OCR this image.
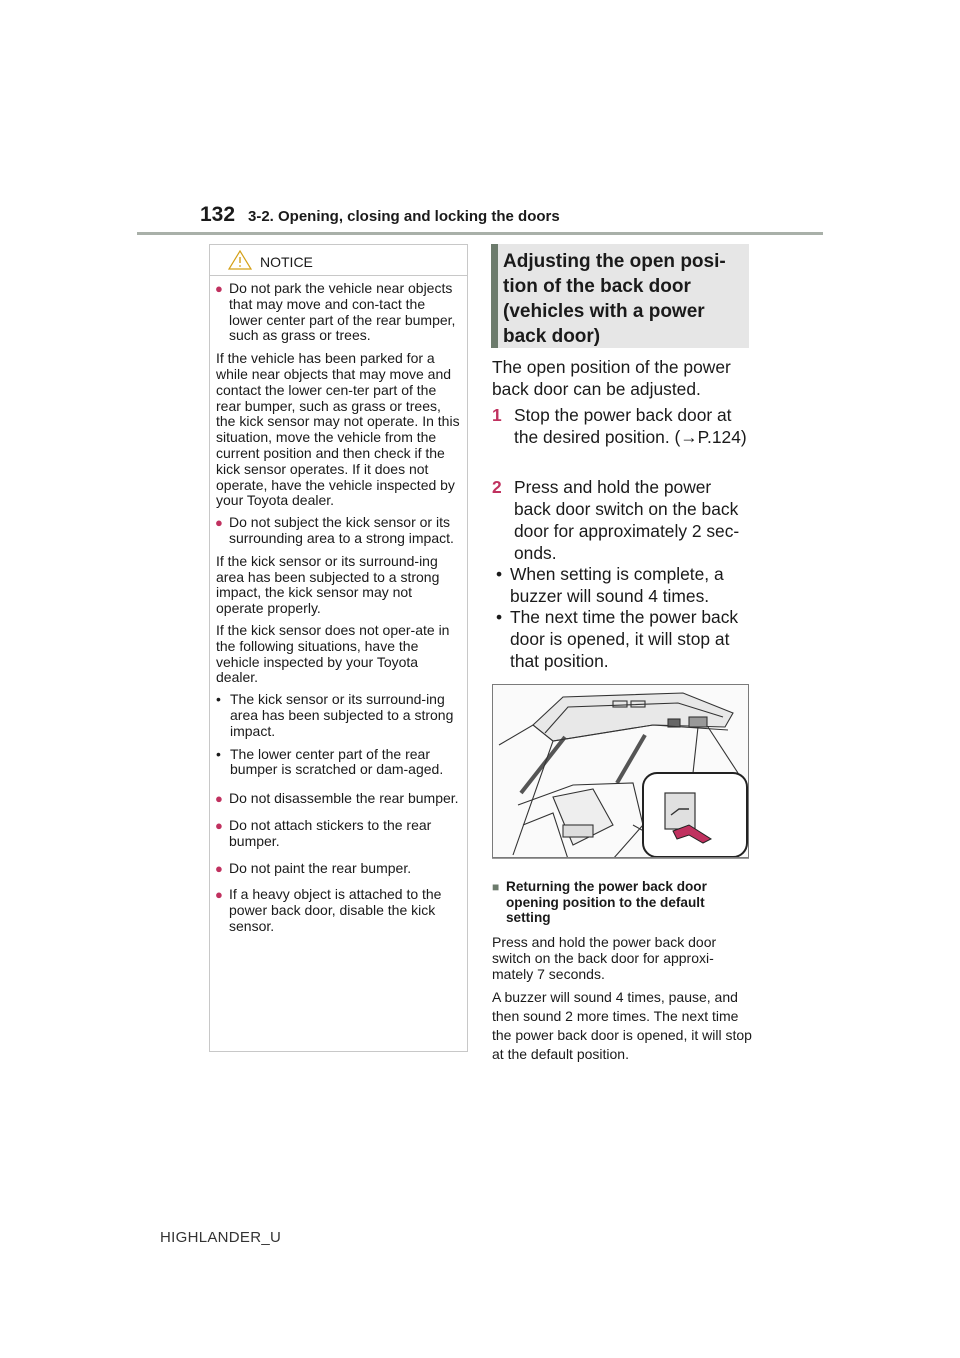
132 3-2. Opening, closing and locking the doors
NOTICE
● Do not park the vehicle near objects that may move and con-tact the lower center part of the rear bumper, such as grass or trees.
If the vehicle has been parked for a while near objects that may move and contact the lower cen-ter part of the rear bumper, such as grass or trees, the kick sensor may not operate. In this situation, move the vehicle from the current position and then check if the kick sensor operates. If it does not operate, have the vehicle inspected by your Toyota dealer.
● Do not subject the kick sensor or its surrounding area to a strong impact.
If the kick sensor or its surround-ing area has been subjected to a strong impact, the kick sensor may not operate properly.
If the kick sensor does not oper-ate in the following situations, have the vehicle inspected by your Toyota dealer.
• The kick sensor or its surround-ing area has been subjected to a strong impact.
• The lower center part of the rear bumper is scratched or dam-aged.
● Do not disassemble the rear bumper.
● Do not attach stickers to the rear bumper.
● Do not paint the rear bumper.
● If a heavy object is attached to the power back door, disable the kick sensor.
Adjusting the open posi-
tion of the back door
(vehicles with a power
back door)
The open position of the power back door can be adjusted.
1 Stop the power back door at the desired position. (→P.124)
2 Press and hold the power back door switch on the back door for approximately 2 sec-onds.
• When setting is complete, a buzzer will sound 4 times.
• The next time the power back door is opened, it will stop at that position.
■ Returning the power back door opening position to the default setting
Press and hold the power back door switch on the back door for approxi-mately 7 seconds.
A buzzer will sound 4 times, pause, and then sound 2 more times. The next time the power back door is opened, it will stop at the default position.
HIGHLANDER_U
